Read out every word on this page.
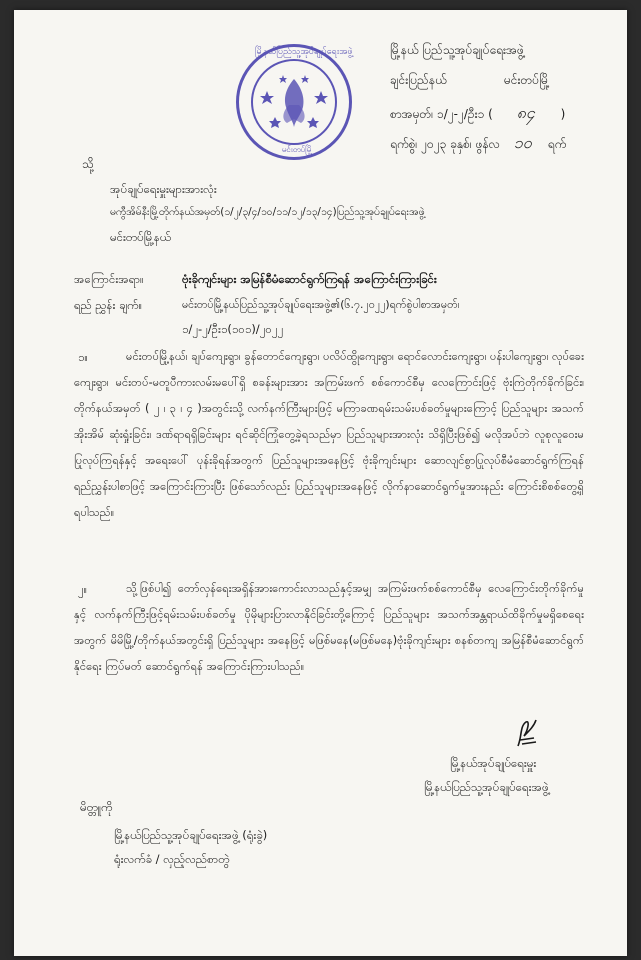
မြို့နယ်ပြည်သူ့အုပ်ချုပ်ရေးအဖွဲ့
မင်းတပ်မြို့
မြို့နယ် ပြည်သူ့အုပ်ချုပ်ရေးအဖွဲ့
ချင်းပြည်နယ်	မင်းတပ်မြို့
စာအမှတ်၊ ၁/၂-၂/ဦး၁ ( ၈၄ )
ရက်စွဲ၊ ၂၀၂၃ ခုနှစ်၊ ဖွန်လ ၁၀ ရက်
သို့
အုပ်ချုပ်ရေးမှူးများအားလုံး
မကွီအိမ်နီးမြို့တိုက်နယ်အမှတ်(၁/၂/၃/၄/၁၀/၁၁/၁၂/၁၃/၁၄)ပြည်သူ့အုပ်ချုပ်ရေးအဖွဲ့
မင်းတပ်မြို့နယ်
အကြောင်းအရာ။	ဗုံးခိုကျင်းများ အမြန်စီမံဆောင်ရွက်ကြရန် အကြောင်းကြားခြင်း
ရည် ညွှန်း ချက်။	မင်းတပ်မြို့နယ်ပြည်သူ့အုပ်ချုပ်ရေးအဖွဲ့၏(၆.၇.၂၀၂၂)ရက်စွဲပါစာအမှတ်၊
၁/၂-၂/ဦး၁(၁၀၁)/၂၀၂၂
၁။	မင်းတပ်မြို့နယ်၊ ချပ်ကျေးရွာ၊ ခွန်တောင်ကျေးရွာ၊ ပလိပ်ထွိုကျေးရွာ၊ ရောင်လောင်းကျေးရွာ၊ ပန်းပါကျေးရွာ၊ လုပ်ခေးကျေးရွာ၊ မင်းတပ်-မတူပီကားလမ်းမပေါ်ရှိ စခန်းများအား အကြမ်းဖက် စစ်ကောင်စီမှ လေကြောင်းဖြင့် ဗုံးကြဲတိုက်ခိုက်ခြင်း၊ တိုက်နယ်အမှတ် ( ၂ ၊ ၃ ၊ ၄ )အတွင်းသို့ လက်နက်ကြီးများဖြင့် မကြာခဏရမ်းသမ်းပစ်ခတ်မှုများကြောင့် ပြည်သူများ အသက်အိုးအိမ် ဆုံးရှုံးခြင်း၊ ဒဏ်ရာရရှိခြင်းများ ရင်ဆိုင်ကြုံတွေ့ခဲ့ရသည်မှာ ပြည်သူများအားလုံး သိရှိပြီးဖြစ်၍ မလိုအပ်ဘဲ လူစုလူဝေးမပြုလုပ်ကြရန်နှင့် အရေးပေါ် ပုန်းခိုရန်အတွက် ပြည်သူများအနေဖြင့် ဗုံးခိုကျင်းများ ဆောလျင်စွာပြုလုပ်စီမံဆောင်ရွက်ကြရန် ရည်ညွှန်းပါစာဖြင့် အကြောင်းကြားပြီး ဖြစ်သော်လည်း ပြည်သူများအနေဖြင့် လိုက်နာဆောင်ရွက်မှုအားနည်း ကြောင်းစိစစ်တွေ့ရှိ ရပါသည်။
၂။	သို့ဖြစ်ပါ၍ တော်လှန်ရေးအရှိန်အားကောင်းလာသည်နှင့်အမျှ အကြမ်းဖက်စစ်ကောင်စီမှ လေကြောင်းတိုက်ခိုက်မှုနှင့် လက်နက်ကြီးဖြင့်ရမ်းသမ်းပစ်ခတ်မှု ပိုမိုများပြားလာနိုင်ခြင်းတို့ကြောင့် ပြည်သူများ အသက်အန္တရာယ်ထိခိုက်မှုမရှိစေရေးအတွက် မိမိမြို့/တိုက်နယ်အတွင်းရှိ ပြည်သူများ အနေဖြင့် မဖြစ်မနေ(မဖြစ်မနေ)ဗုံးခိုကျင်းများ စနစ်တကျ အမြန်စီမံဆောင်ရွက်နိုင်ရေး ကြပ်မတ် ဆောင်ရွက်ရန် အကြောင်းကြားပါသည်။
မြို့နယ်အုပ်ချုပ်ရေးမှူး
မြို့နယ်ပြည်သူ့အုပ်ချုပ်ရေးအဖွဲ့
မိတ္တူကို
မြို့နယ်ပြည်သူ့အုပ်ချုပ်ရေးအဖွဲ့ (ရုံးခွဲ)
ရုံးလက်ခံ / လှည့်လည်စာတွဲ
